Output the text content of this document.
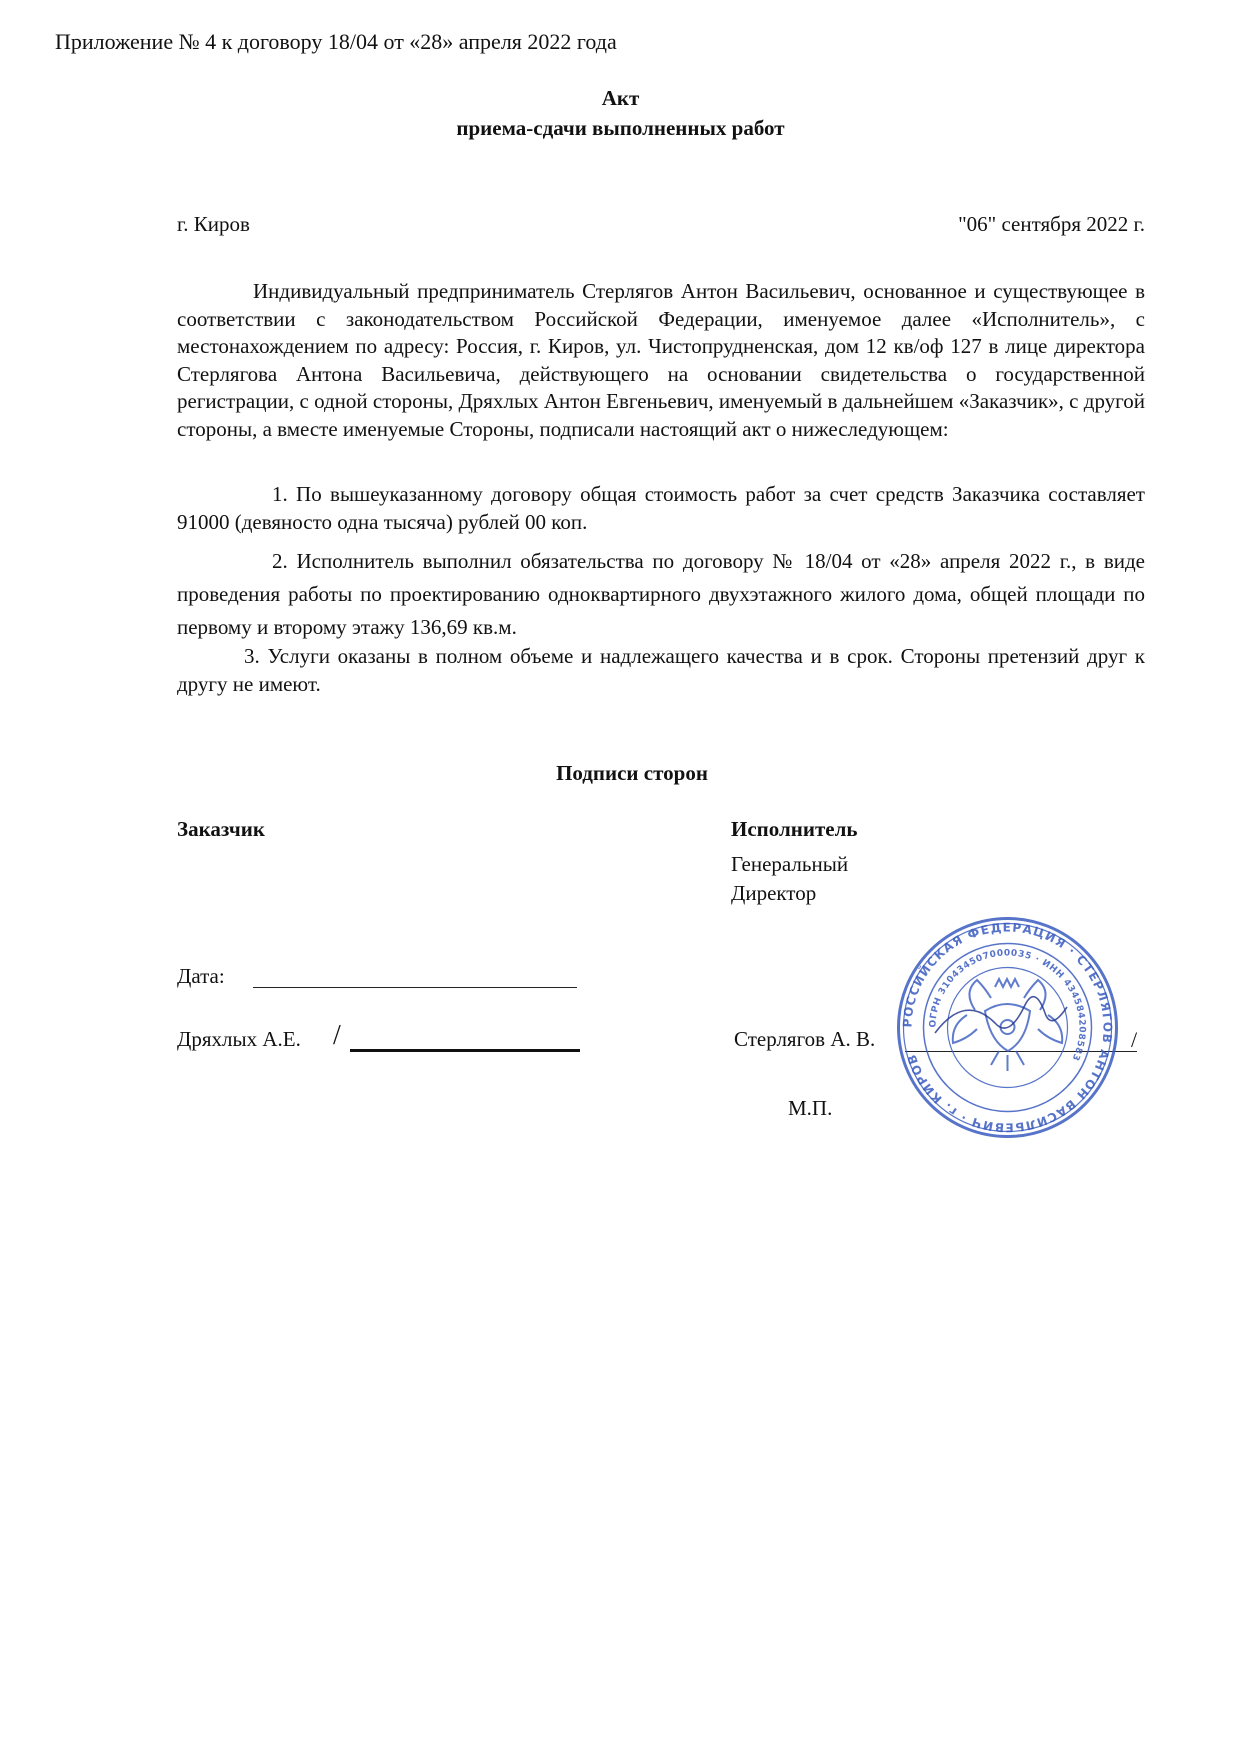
Приложение № 4 к договору 18/04 от «28» апреля 2022 года
Акт
приема-сдачи выполненных работ
г. Киров	"06" сентября 2022 г.
Индивидуальный предприниматель Стерлягов Антон Васильевич, основанное и существующее в соответствии с законодательством Российской Федерации, именуемое далее «Исполнитель», с местонахождением по адресу: Россия, г. Киров, ул. Чистопрудненская, дом 12 кв/оф 127 в лице директора Стерлягова Антона Васильевича, действующего на основании свидетельства о государственной регистрации, с одной стороны, Дряхлых Антон Евгеньевич, именуемый в дальнейшем «Заказчик», с другой стороны, а вместе именуемые Стороны, подписали настоящий акт о нижеследующем:
1. По вышеуказанному договору общая стоимость работ за счет средств Заказчика составляет 91000 (девяносто одна тысяча) рублей 00 коп.
2. Исполнитель выполнил обязательства по договору № 18/04 от «28» апреля 2022 г., в виде проведения работы по проектированию одноквартирного двухэтажного жилого дома, общей площади по первому и второму этажу 136,69 кв.м.
3. Услуги оказаны в полном объеме и надлежащего качества и в срок. Стороны претензий друг к другу не имеют.
Подписи сторон
Заказчик	Исполнитель
Генеральный
Директор
Дата:
Дряхлых А.Е. /	Стерлягов А. В.	/
М.П.
РОССИЙСКАЯ ФЕДЕРАЦИЯ · СТЕРЛЯГОВ АНТОН ВАСИЛЬЕВИЧ · г. КИРОВ
ОГРН 310434507000035 · ИНН 434584208583
